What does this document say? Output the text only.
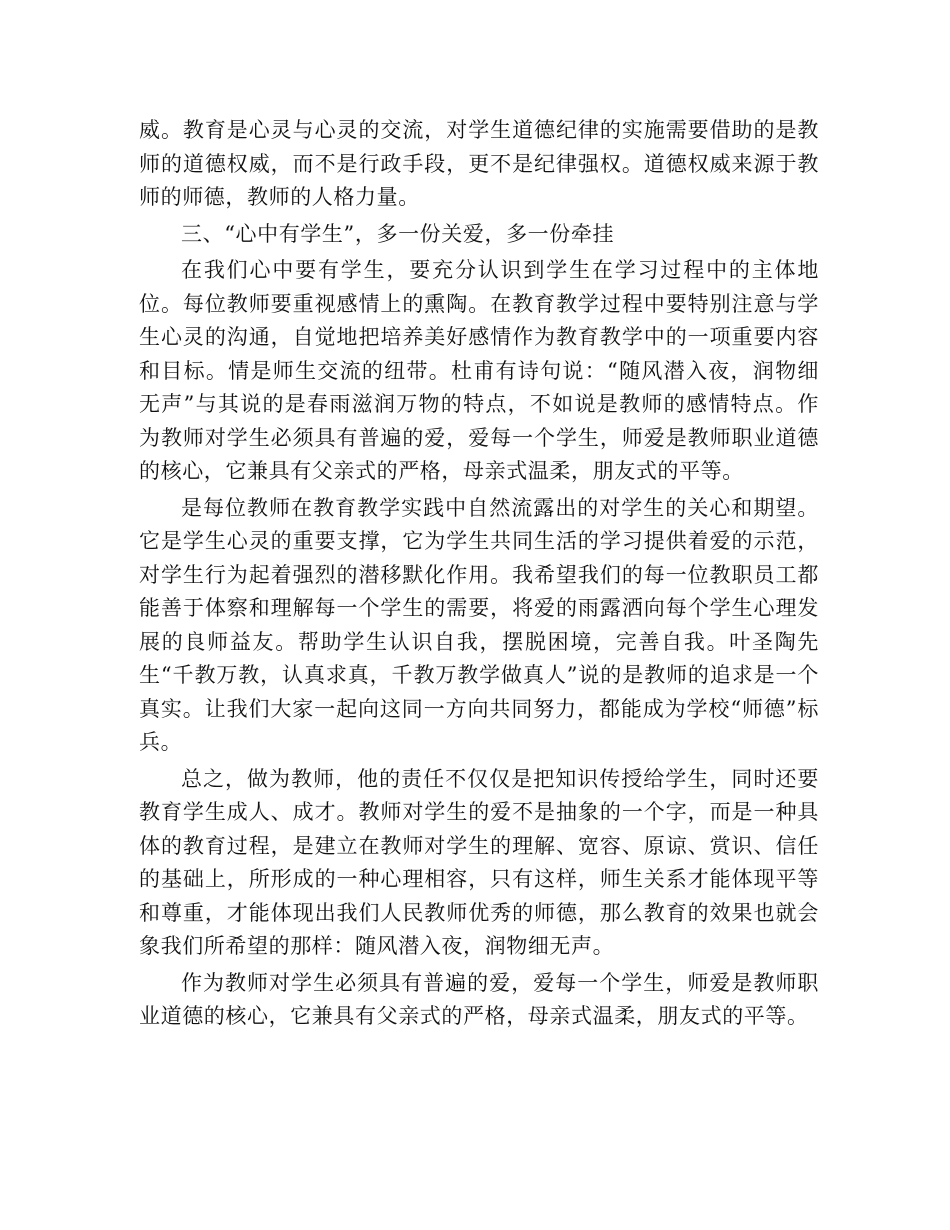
威。教育是心灵与心灵的交流，对学生道德纪律的实施需要借助的是教师的道德权威，而不是行政手段，更不是纪律强权。道德权威来源于教师的师德，教师的人格力量。

三、“心中有学生”，多一份关爱，多一份牵挂

在我们心中要有学生，要充分认识到学生在学习过程中的主体地位。每位教师要重视感情上的熏陶。在教育教学过程中要特别注意与学生心灵的沟通，自觉地把培养美好感情作为教育教学中的一项重要内容和目标。情是师生交流的纽带。杜甫有诗句说：“随风潜入夜，润物细无声”与其说的是春雨滋润万物的特点，不如说是教师的感情特点。作为教师对学生必须具有普遍的爱，爱每一个学生，师爱是教师职业道德的核心，它兼具有父亲式的严格，母亲式温柔，朋友式的平等。

是每位教师在教育教学实践中自然流露出的对学生的关心和期望。它是学生心灵的重要支撑，它为学生共同生活的学习提供着爱的示范，对学生行为起着强烈的潜移默化作用。我希望我们的每一位教职员工都能善于体察和理解每一个学生的需要，将爱的雨露洒向每个学生心理发展的良师益友。帮助学生认识自我，摆脱困境，完善自我。叶圣陶先生“千教万教，认真求真，千教万教学做真人”说的是教师的追求是一个真实。让我们大家一起向这同一方向共同努力，都能成为学校“师德”标兵。

总之，做为教师，他的责任不仅仅是把知识传授给学生，同时还要教育学生成人、成才。教师对学生的爱不是抽象的一个字，而是一种具体的教育过程，是建立在教师对学生的理解、宽容、原谅、赏识、信任的基础上，所形成的一种心理相容，只有这样，师生关系才能体现平等和尊重，才能体现出我们人民教师优秀的师德，那么教育的效果也就会象我们所希望的那样：随风潜入夜，润物细无声。

作为教师对学生必须具有普遍的爱，爱每一个学生，师爱是教师职业道德的核心，它兼具有父亲式的严格，母亲式温柔，朋友式的平等。
